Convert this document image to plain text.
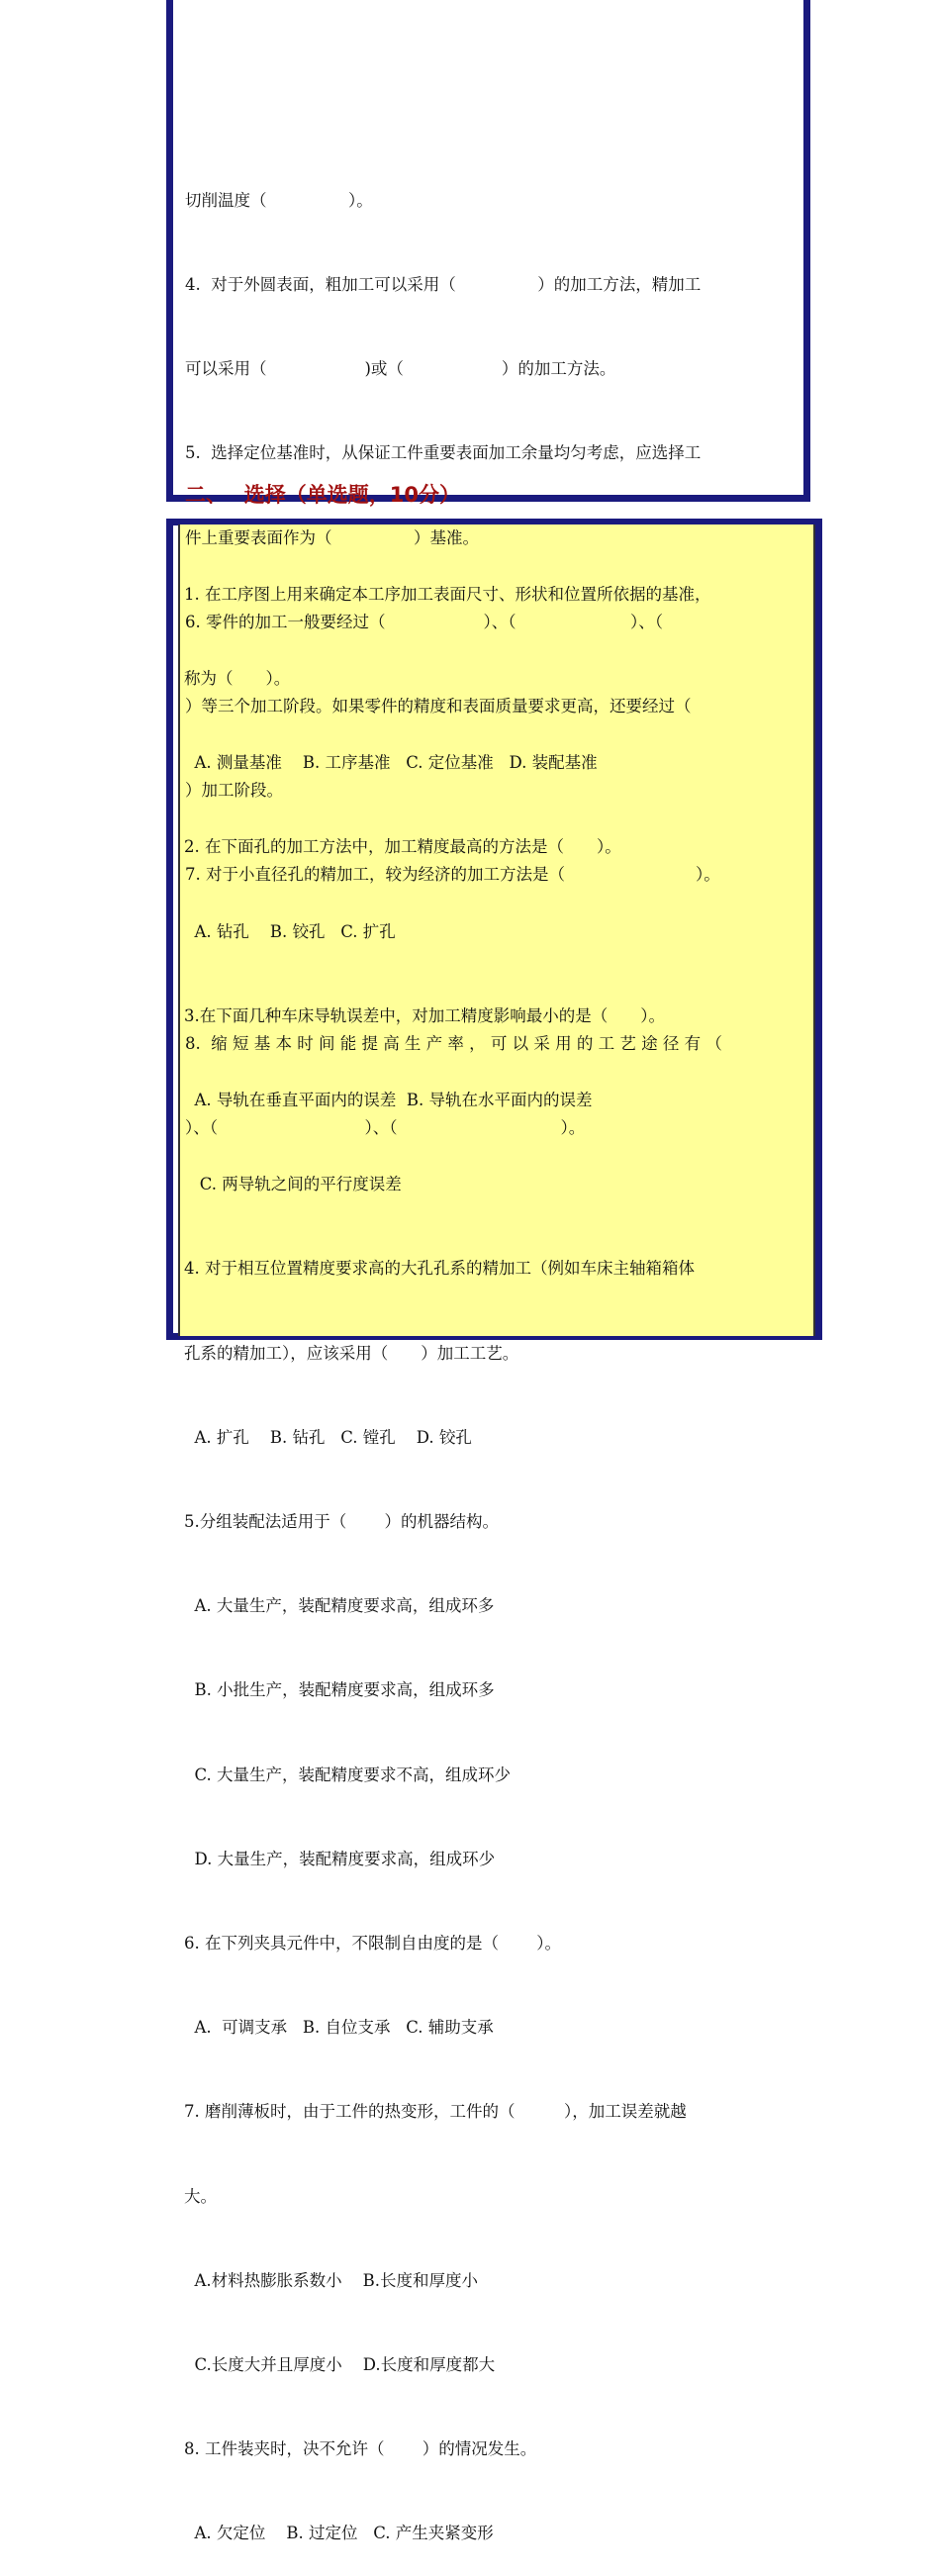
切削温度（　　　　　）。

4.  对于外圆表面，粗加工可以采用（　　　　　）的加工方法，精加工

可以采用（　　　　　　)或（　　　　　　）的加工方法。

5.  选择定位基准时，从保证工件重要表面加工余量均匀考虑，应选择工

件上重要表面作为（　　　　　）基准。

6. 零件的加工一般要经过（　　　　　　）、（　　　　　　　）、（

）等三个加工阶段。如果零件的精度和表面质量要求更高，还要经过（

）加工阶段。

7. 对于小直径孔的精加工，较为经济的加工方法是（　　　　　　　　）。

8.  缩 短 基 本 时 间 能 提 高 生 产 率 ， 可 以 采 用 的 工 艺 途 径 有 （

）、（　　　　　　　　　）、（　　　　　　　　　　）。

二、　 选择（单选题，10分）

1. 在工序图上用来确定本工序加工表面尺寸、形状和位置所依据的基准，

称为（　　）。

A. 测量基准    B. 工序基准   C. 定位基准   D. 装配基准

2. 在下面孔的加工方法中，加工精度最高的方法是（　　）。

A. 钻孔    B. 铰孔   C. 扩孔

3.在下面几种车床导轨误差中，对加工精度影响最小的是（　　）。

A. 导轨在垂直平面内的误差  B. 导轨在水平面内的误差

C. 两导轨之间的平行度误差

4. 对于相互位置精度要求高的大孔孔系的精加工（例如车床主轴箱箱体

孔系的精加工），应该采用（　　）加工工艺。

A. 扩孔    B. 钻孔   C. 镗孔    D. 铰孔

5.分组装配法适用于（　　 ）的机器结构。

A. 大量生产，装配精度要求高，组成环多

B. 小批生产，装配精度要求高，组成环多

C. 大量生产，装配精度要求不高，组成环少

D. 大量生产，装配精度要求高，组成环少

6. 在下列夹具元件中，不限制自由度的是（　　 ）。

A.  可调支承   B. 自位支承   C. 辅助支承

7. 磨削薄板时，由于工件的热变形，工件的（　　　），加工误差就越

大。

A.材料热膨胀系数小    B.长度和厚度小

C.长度大并且厚度小    D.长度和厚度都大

8. 工件装夹时，决不允许（　　 ）的情况发生。

A. 欠定位    B. 过定位   C. 产生夹紧变形
